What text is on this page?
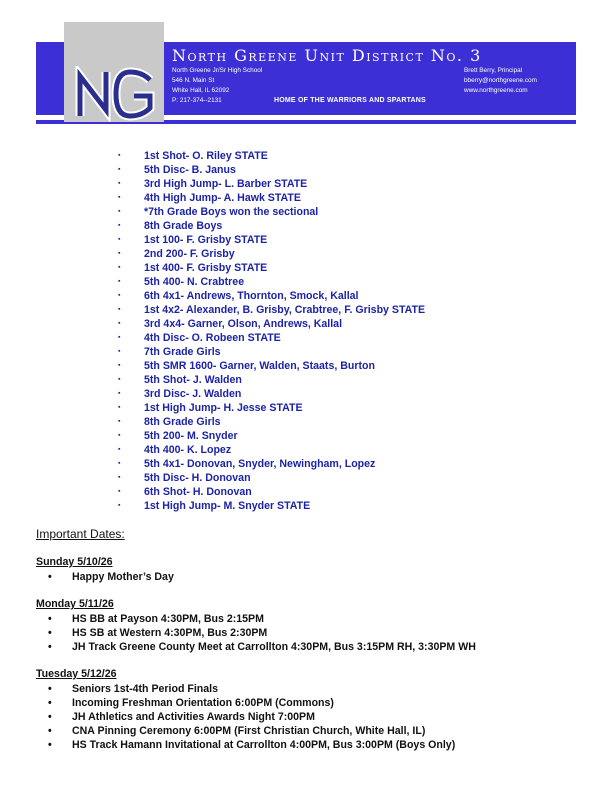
North Greene Unit District No. 3
North Greene Jr/Sr High School
546 N. Main St
White Hall, IL 62092
P: 217-374--2131
Brett Berry, Principal
bberry@northgreene.com
www.northgreene.com
HOME OF THE WARRIORS AND SPARTANS
▪ 1st Shot- O. Riley STATE
▪ 5th Disc- B. Janus
▪ 3rd High Jump- L. Barber STATE
▪ 4th High Jump- A. Hawk STATE
▪ *7th Grade Boys won the sectional
▪ 8th Grade Boys
▪ 1st 100- F. Grisby STATE
▪ 2nd 200- F. Grisby
▪ 1st 400- F. Grisby STATE
▪ 5th 400- N. Crabtree
▪ 6th 4x1- Andrews, Thornton, Smock, Kallal
▪ 1st 4x2- Alexander, B. Grisby, Crabtree, F. Grisby STATE
▪ 3rd 4x4- Garner, Olson, Andrews, Kallal
▪ 4th Disc- O. Robeen STATE
▪ 7th Grade Girls
▪ 5th SMR 1600- Garner, Walden, Staats, Burton
▪ 5th Shot- J. Walden
▪ 3rd Disc- J. Walden
▪ 1st High Jump- H. Jesse STATE
▪ 8th Grade Girls
▪ 5th 200- M. Snyder
▪ 4th 400- K. Lopez
▪ 5th 4x1- Donovan, Snyder, Newingham, Lopez
▪ 5th Disc- H. Donovan
▪ 6th Shot- H. Donovan
▪ 1st High Jump- M. Snyder STATE
Important Dates:
Sunday 5/10/26
• Happy Mother’s Day
Monday 5/11/26
• HS BB at Payson 4:30PM, Bus 2:15PM
• HS SB at Western 4:30PM, Bus 2:30PM
• JH Track Greene County Meet at Carrollton 4:30PM, Bus 3:15PM RH, 3:30PM WH
Tuesday 5/12/26
• Seniors 1st-4th Period Finals
• Incoming Freshman Orientation 6:00PM (Commons)
• JH Athletics and Activities Awards Night 7:00PM
• CNA Pinning Ceremony 6:00PM (First Christian Church, White Hall, IL)
• HS Track Hamann Invitational at Carrollton 4:00PM, Bus 3:00PM (Boys Only)
